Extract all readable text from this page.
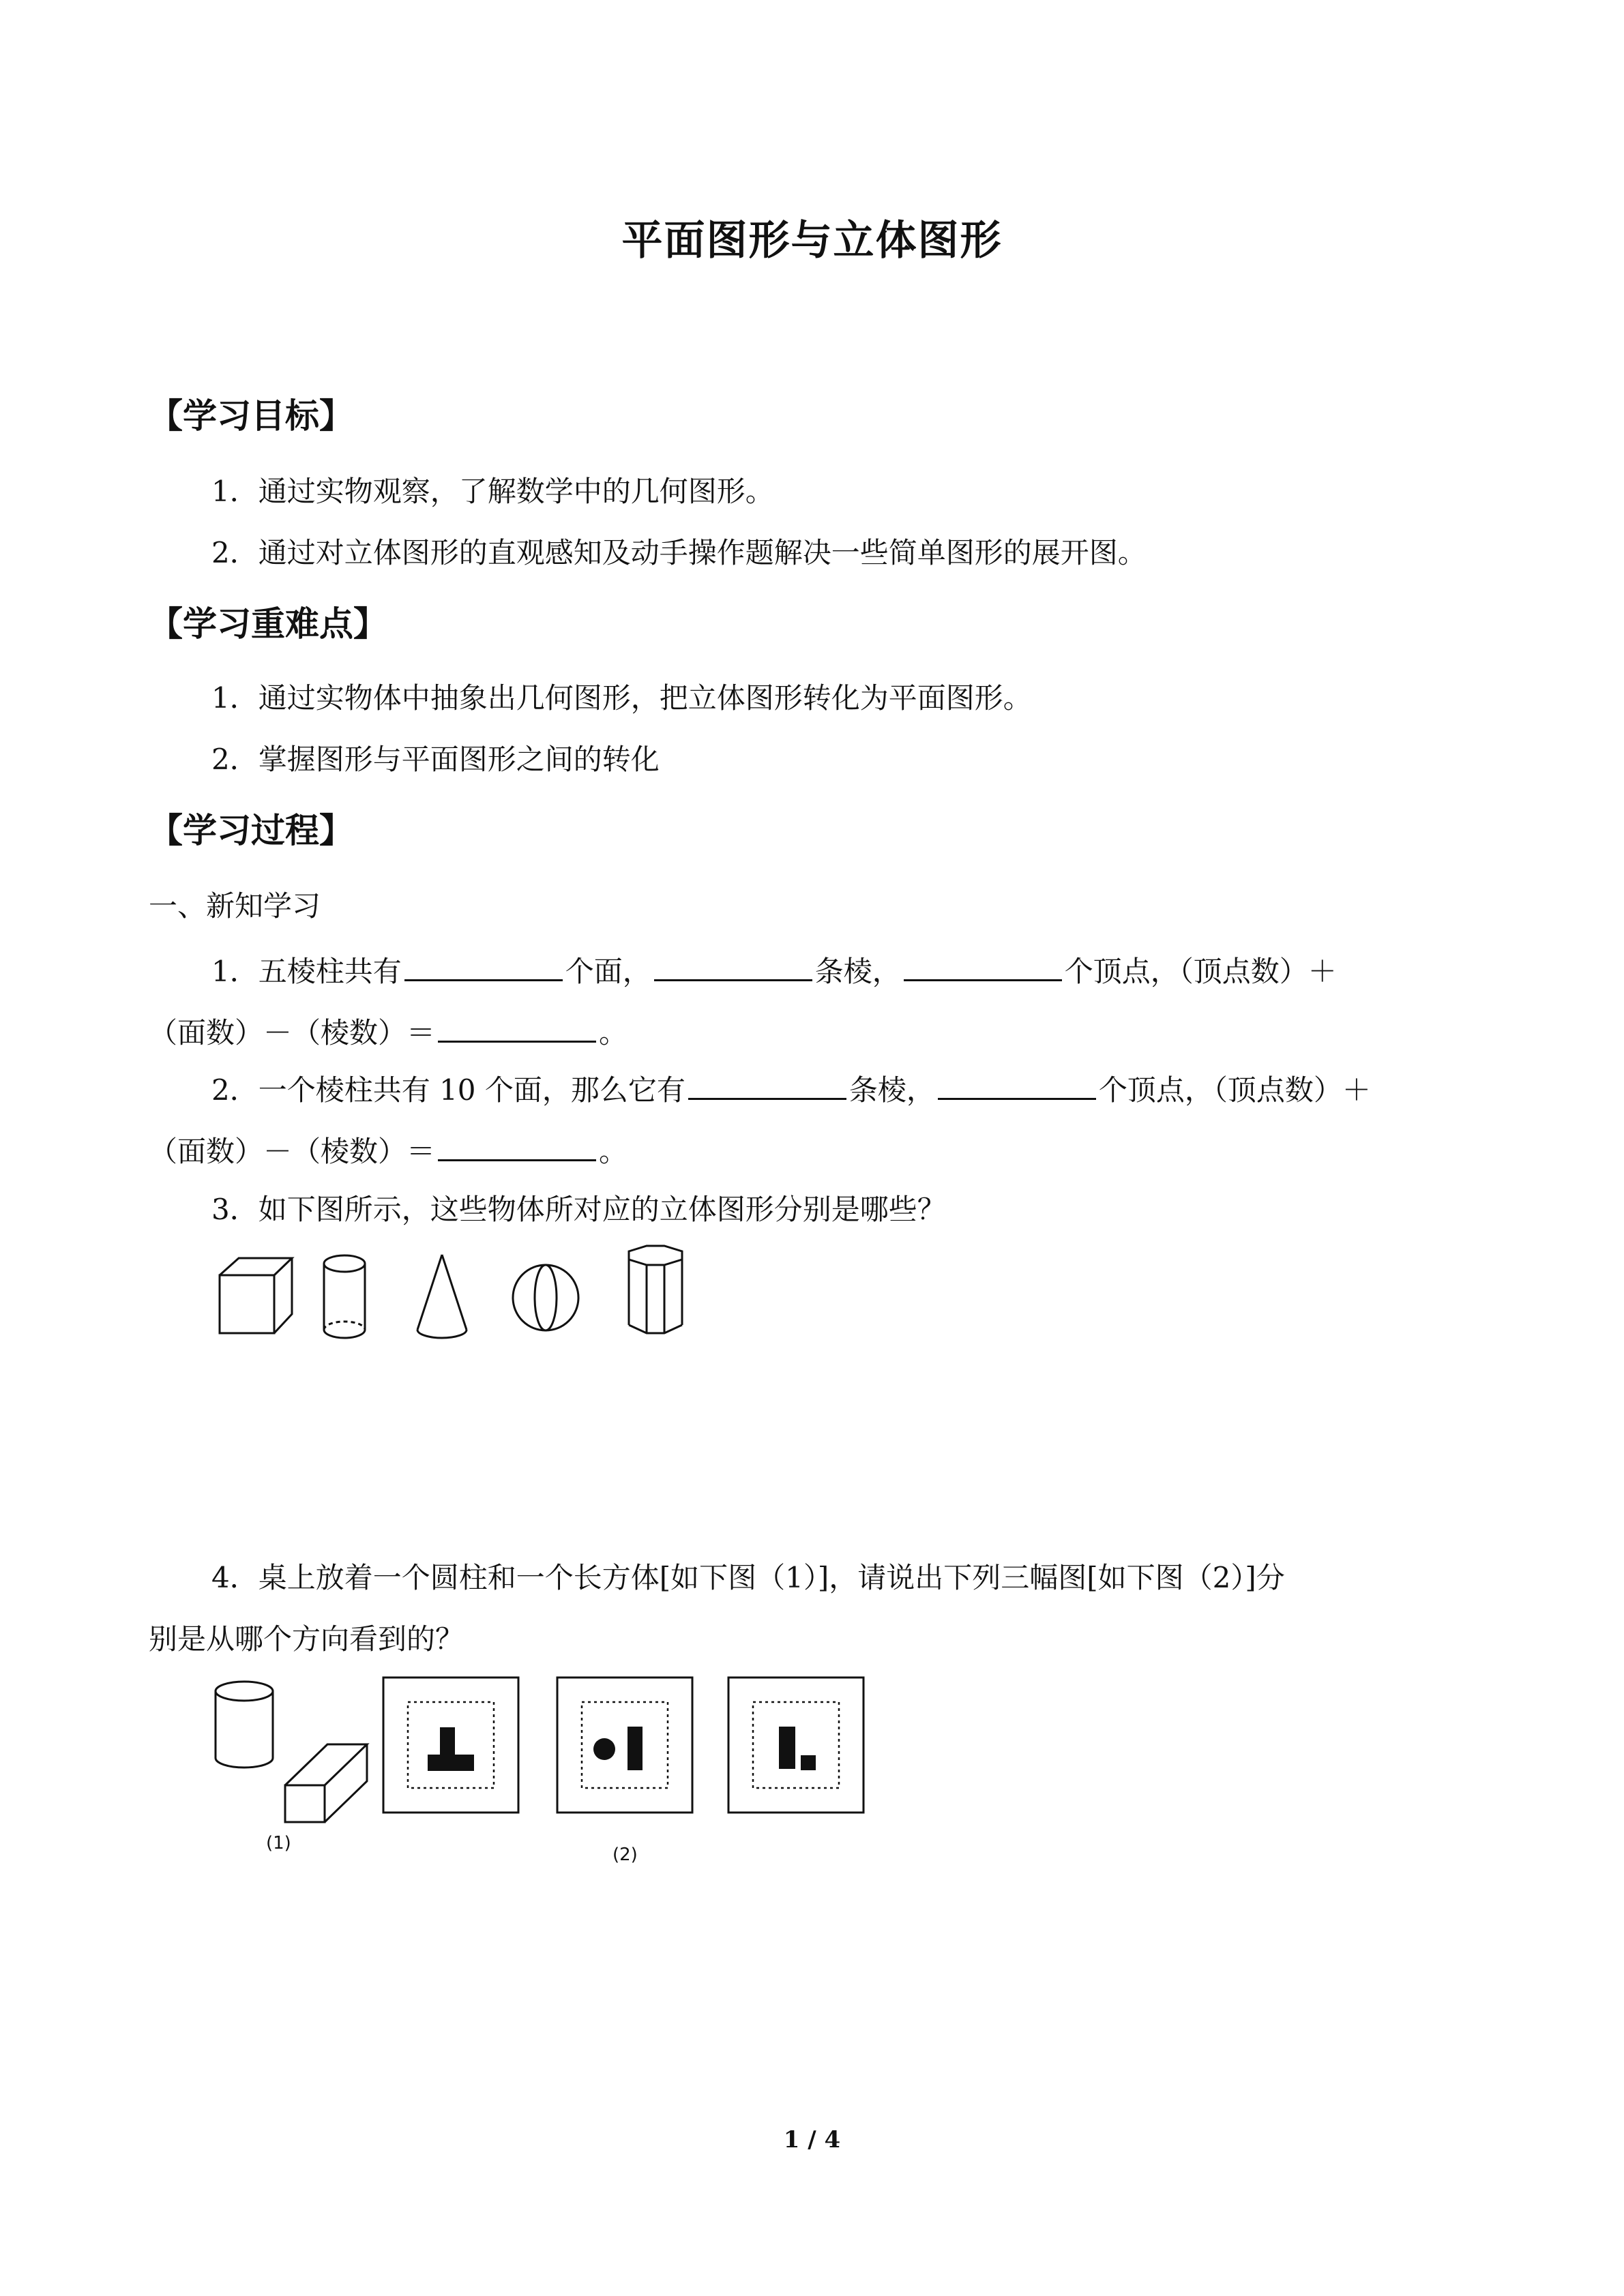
平面图形与立体图形
【学习目标】
1．通过实物观察，了解数学中的几何图形。
2．通过对立体图形的直观感知及动手操作题解决一些简单图形的展开图。
【学习重难点】
1．通过实物体中抽象出几何图形，把立体图形转化为平面图形。
2．掌握图形与平面图形之间的转化
【学习过程】
一、新知学习
1．五棱柱共有	个面，	条棱，	个顶点，（顶点数）＋
（面数）－（棱数）＝	。
2．一个棱柱共有 10 个面，那么它有	条棱，	个顶点，（顶点数）＋
（面数）－（棱数）＝	。
3．如下图所示，这些物体所对应的立体图形分别是哪些？
4．桌上放着一个圆柱和一个长方体[如下图（1）]，请说出下列三幅图[如下图（2）]分
别是从哪个方向看到的？
(1)
(2)
1 / 4
